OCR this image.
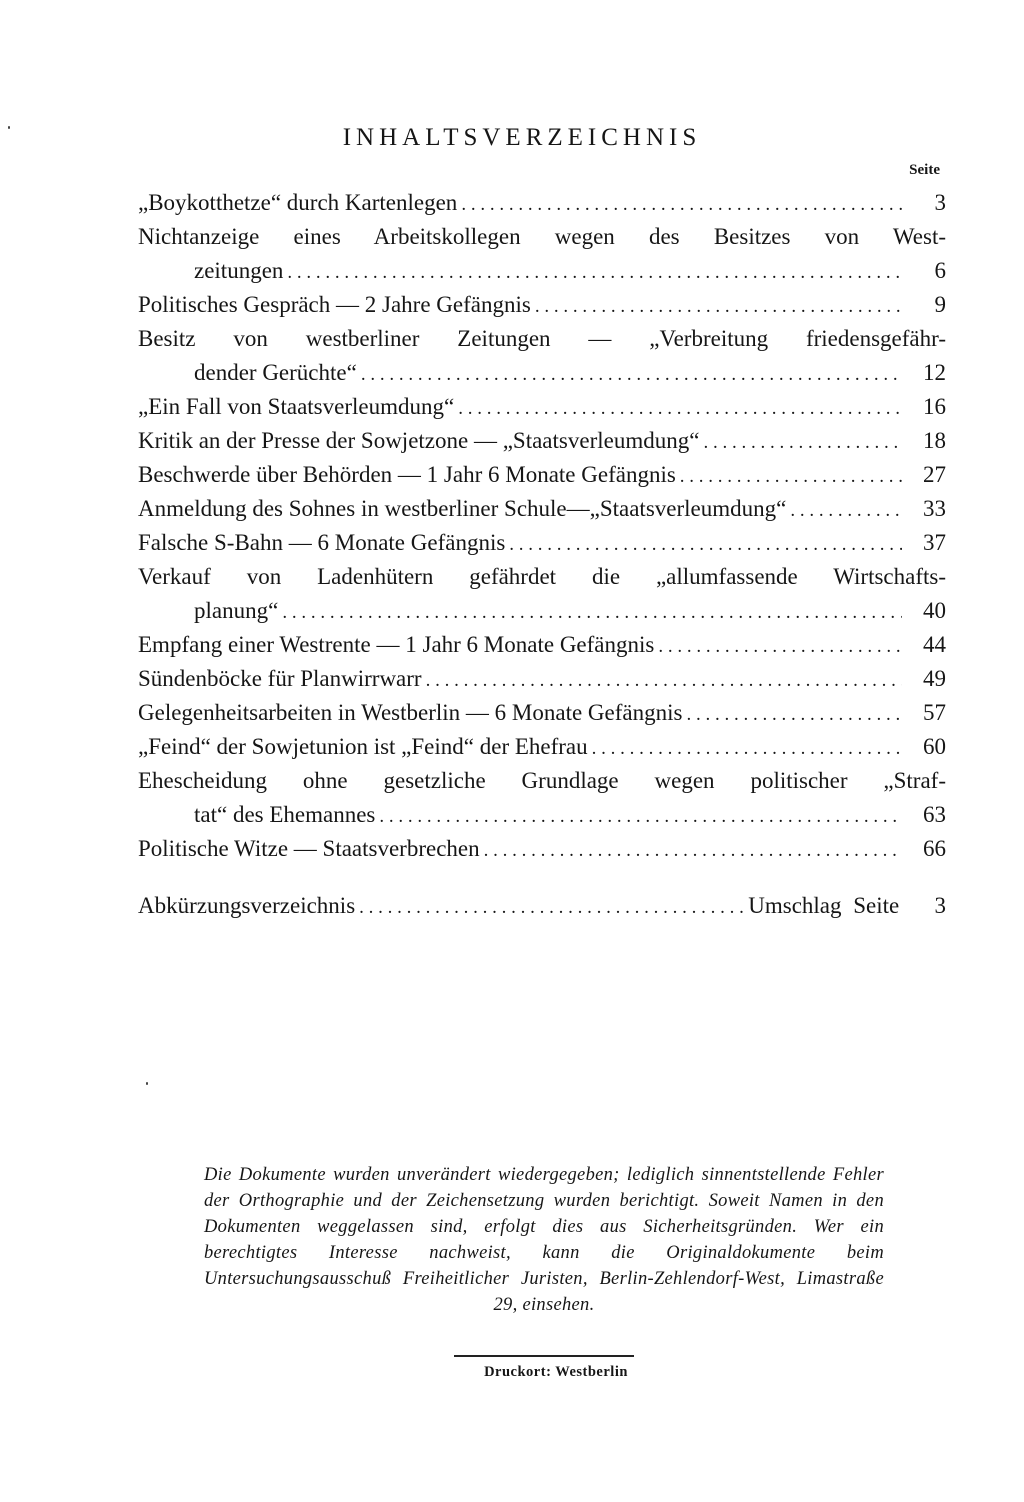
INHALTSVERZEICHNIS
Seite
„Boykotthetze“ durch Kartenlegen . . .	3
Nichtanzeige eines Arbeitskollegen wegen des Besitzes von West-
zeitungen . . .	6
Politisches Gespräch — 2 Jahre Gefängnis . . .	9
Besitz von westberliner Zeitungen — „Verbreitung friedensgefähr-
dender Gerüchte“ . . .	12
„Ein Fall von Staatsverleumdung“ . . .	16
Kritik an der Presse der Sowjetzone — „Staatsverleumdung“ . . .	18
Beschwerde über Behörden — 1 Jahr 6 Monate Gefängnis . . .	27
Anmeldung des Sohnes in westberliner Schule—„Staatsverleumdung“ . . .	33
Falsche S-Bahn — 6 Monate Gefängnis . . .	37
Verkauf von Ladenhütern gefährdet die „allumfassende Wirtschafts-
planung“ . . .	40
Empfang einer Westrente — 1 Jahr 6 Monate Gefängnis . . .	44
Sündenböcke für Planwirrwarr . . .	49
Gelegenheitsarbeiten in Westberlin — 6 Monate Gefängnis . . .	57
„Feind“ der Sowjetunion ist „Feind“ der Ehefrau . . .	60
Ehescheidung ohne gesetzliche Grundlage wegen politischer „Straf-
tat“ des Ehemannes . . .	63
Politische Witze — Staatsverbrechen . . .	66
Abkürzungsverzeichnis . . .	Umschlag Seite 3
Die Dokumente wurden unverändert wiedergegeben; lediglich sinnentstellende Fehler der Orthographie und der Zeichensetzung wurden berichtigt. Soweit Namen in den Dokumenten weggelassen sind, erfolgt dies aus Sicherheitsgründen. Wer ein berechtigtes Interesse nachweist, kann die Originaldokumente beim Untersuchungsausschuß Freiheitlicher Juristen, Berlin-Zehlendorf-West, Limastraße 29, einsehen.
Druckort: Westberlin
